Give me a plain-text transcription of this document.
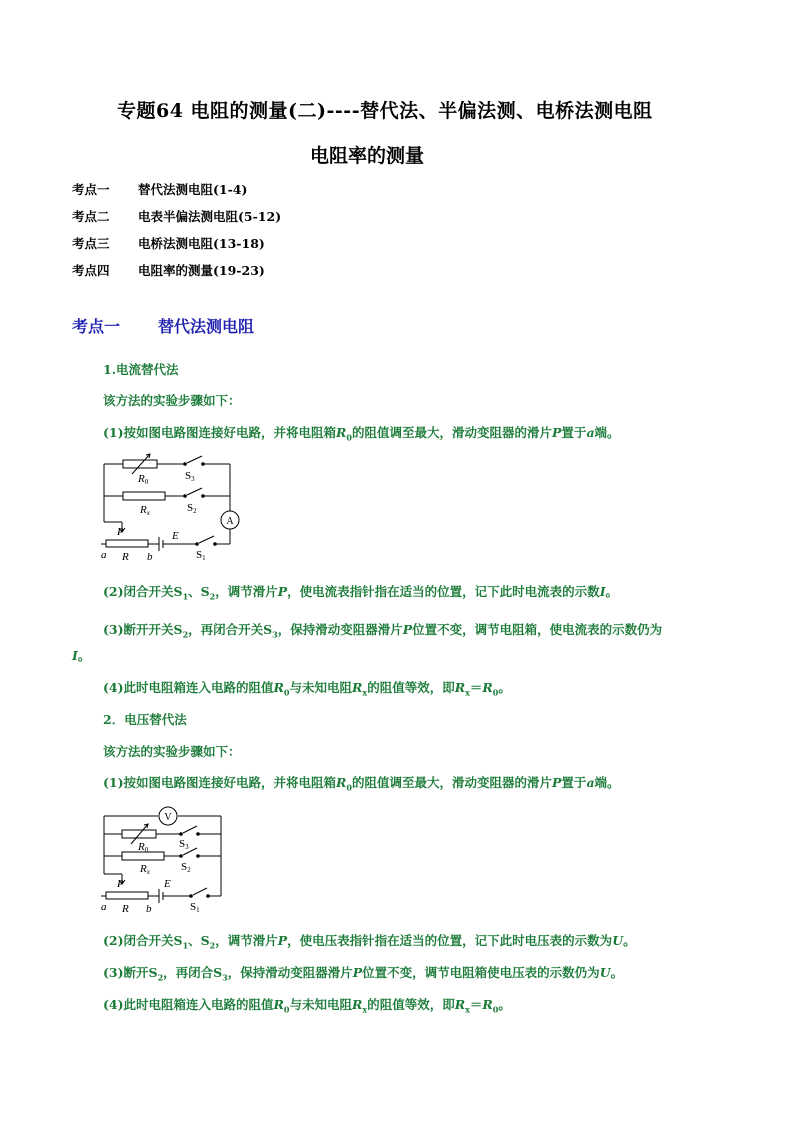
专题64 电阻的测量(二)----替代法、半偏法测、电桥法测电阻
电阻率的测量
考点一 替代法测电阻(1-4)
考点二 电表半偏法测电阻(5-12)
考点三 电桥法测电阻(13-18)
考点四 电阻率的测量(19-23)
考点一 替代法测电阻
1.电流替代法
该方法的实验步骤如下：
(1)按如图电路图连接好电路，并将电阻箱$R_0$的阻值调至最大，滑动变阻器的滑片P置于a端。
R0	S3
Rx	S2
A
P	E
a R b	S1
(2)闭合开关$S_1$、$S_2$，调节滑片P，使电流表指针指在适当的位置，记下此时电流表的示数I。
(3)断开开关$S_2$，再闭合开关$S_3$，保持滑动变阻器滑片P位置不变，调节电阻箱，使电流表的示数仍为
I。
(4)此时电阻箱连入电路的阻值$R_0$与未知电阻$R_x$的阻值等效，即$R_x=R_0$。
2．电压替代法
该方法的实验步骤如下：
(1)按如图电路图连接好电路，并将电阻箱$R_0$的阻值调至最大，滑动变阻器的滑片P置于a端。
V
R0	S3
Rx	S2
P	E
a R b	S1
(2)闭合开关$S_1$、$S_2$，调节滑片P，使电压表指针指在适当的位置，记下此时电压表的示数为U。
(3)断开$S_2$，再闭合$S_3$，保持滑动变阻器滑片P位置不变，调节电阻箱使电压表的示数仍为U。
(4)此时电阻箱连入电路的阻值$R_0$与未知电阻$R_x$的阻值等效，即$R_x=R_0$。
